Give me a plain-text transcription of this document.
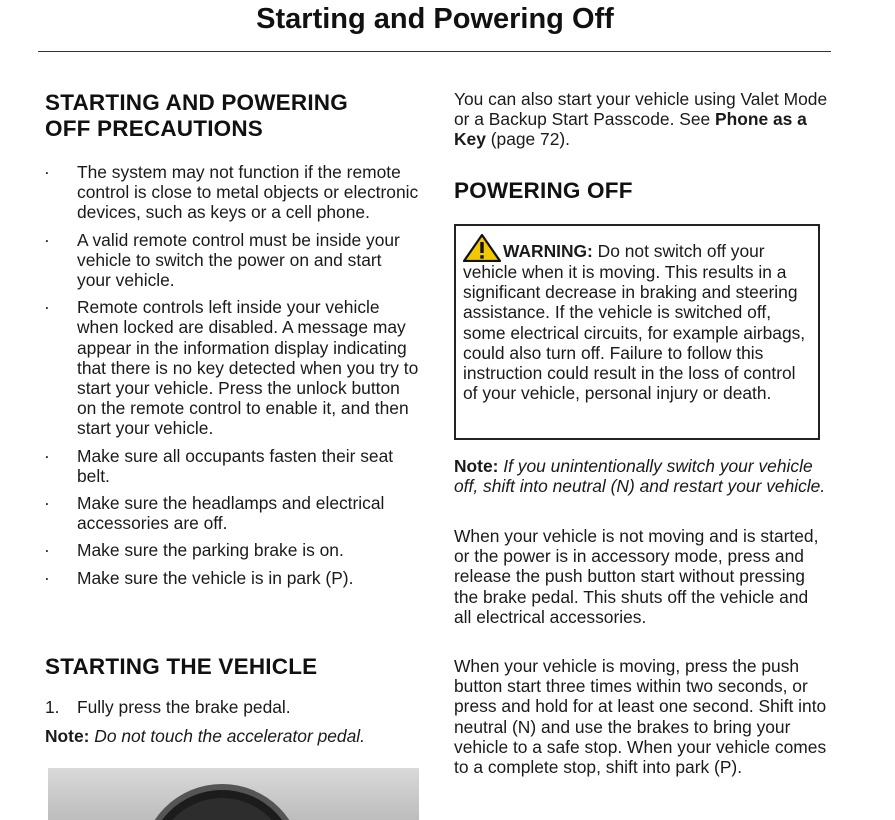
Starting and Powering Off
STARTING AND POWERING
OFF PRECAUTIONS
· The system may not function if the remote control is close to metal objects or electronic devices, such as keys or a cell phone.
· A valid remote control must be inside your vehicle to switch the power on and start your vehicle.
· Remote controls left inside your vehicle when locked are disabled. A message may appear in the information display indicating that there is no key detected when you try to start your vehicle. Press the unlock button on the remote control to enable it, and then start your vehicle.
· Make sure all occupants fasten their seat belt.
· Make sure the headlamps and electrical accessories are off.
· Make sure the parking brake is on.
· Make sure the vehicle is in park (P).
STARTING THE VEHICLE
1.	Fully press the brake pedal.
Note: Do not touch the accelerator pedal.

You can also start your vehicle using Valet Mode or a Backup Start Passcode. See Phone as a Key (page 72).

POWERING OFF
WARNING: Do not switch off your vehicle when it is moving. This results in a significant decrease in braking and steering assistance. If the vehicle is switched off, some electrical circuits, for example airbags, could also turn off. Failure to follow this instruction could result in the loss of control of your vehicle, personal injury or death.
Note: If you unintentionally switch your vehicle off, shift into neutral (N) and restart your vehicle.

When your vehicle is not moving and is started, or the power is in accessory mode, press and release the push button start without pressing the brake pedal. This shuts off the vehicle and all electrical accessories.

When your vehicle is moving, press the push button start three times within two seconds, or press and hold for at least one second. Shift into neutral (N) and use the brakes to bring your vehicle to a safe stop. When your vehicle comes to a complete stop, shift into park (P).
